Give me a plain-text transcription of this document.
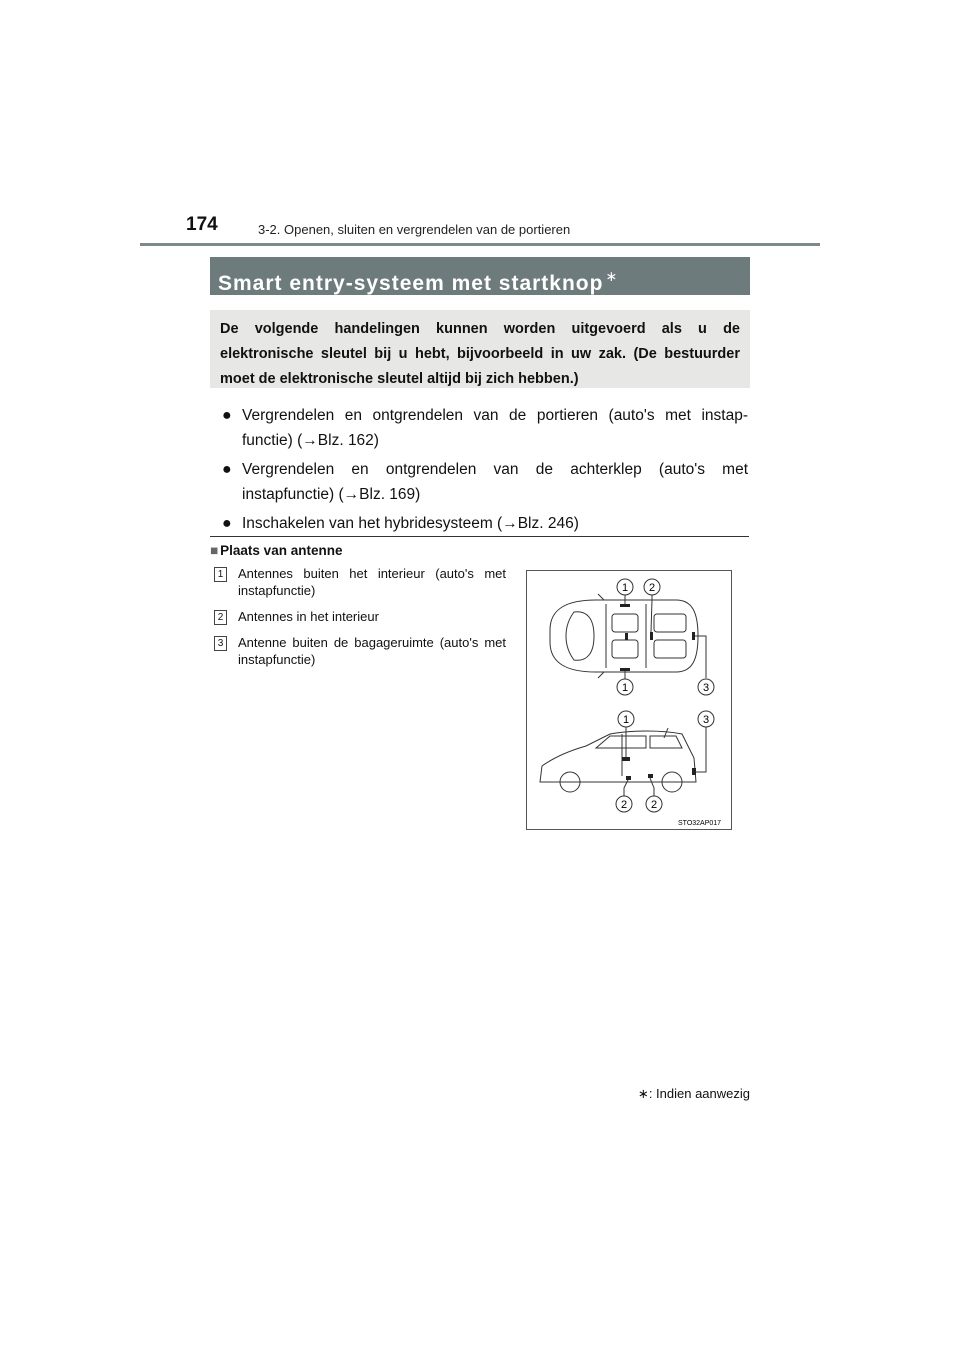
174	3-2. Openen, sluiten en vergrendelen van de portieren
Smart entry-systeem met startknop ∗
De volgende handelingen kunnen worden uitgevoerd als u de elektronische sleutel bij u hebt, bijvoorbeeld in uw zak. (De bestuurder moet de elektronische sleutel altijd bij zich hebben.)
● Vergrendelen en ontgrendelen van de portieren (auto's met instap-functie) (→Blz. 162)
● Vergrendelen en ontgrendelen van de achterklep (auto's met instapfunctie) (→Blz. 169)
● Inschakelen van het hybridesysteem (→Blz. 246)
■ Plaats van antenne
1 Antennes buiten het interieur (auto's met instapfunctie)
2 Antennes in het interieur
3 Antenne buiten de bagageruimte (auto's met instapfunctie)
1 2
1	3
1	3
2 2
STO32AP017
∗: Indien aanwezig
